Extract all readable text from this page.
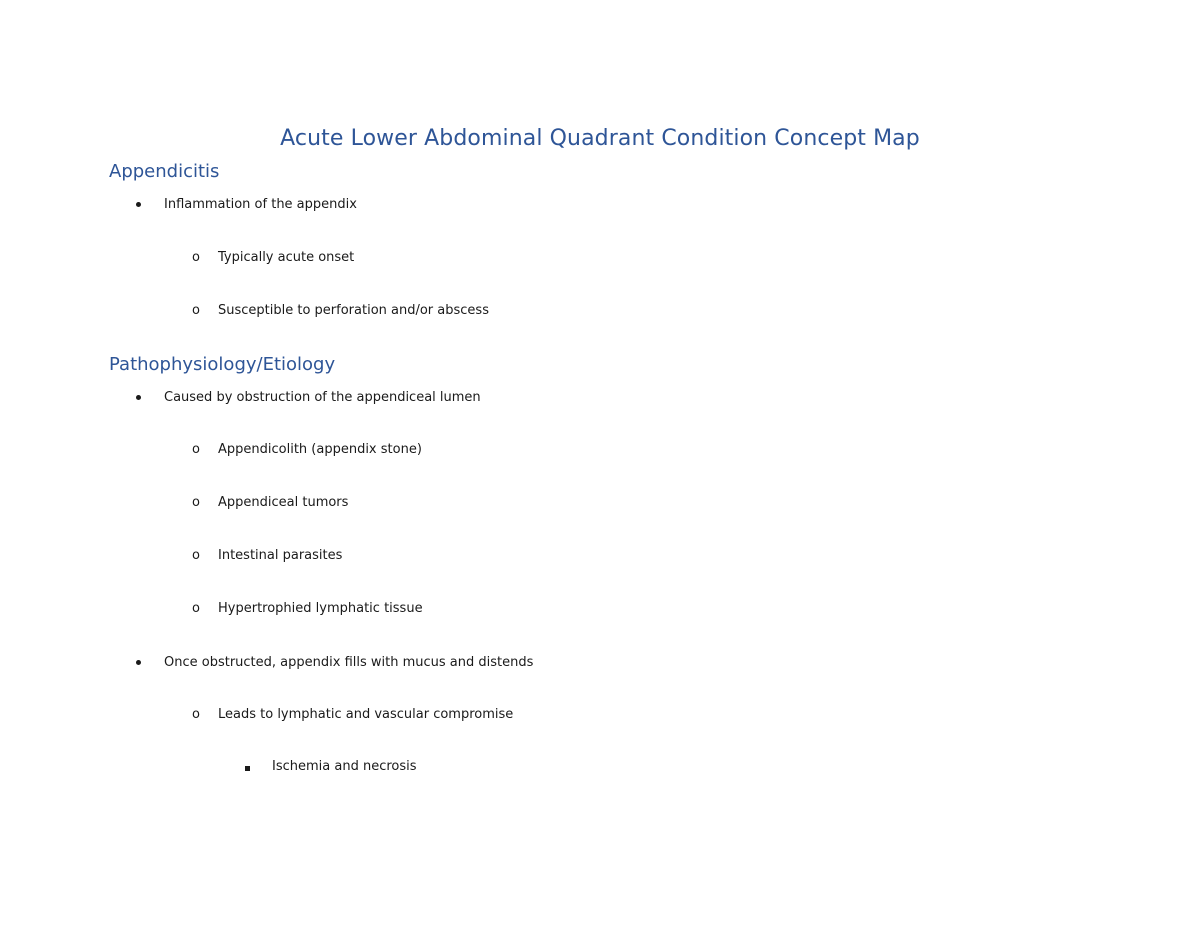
Acute Lower Abdominal Quadrant Condition Concept Map
Appendicitis
Inflammation of the appendix
o Typically acute onset
o Susceptible to perforation and/or abscess
Pathophysiology/Etiology
Caused by obstruction of the appendiceal lumen
o Appendicolith (appendix stone)
o Appendiceal tumors
o Intestinal parasites
o Hypertrophied lymphatic tissue
Once obstructed, appendix fills with mucus and distends
o Leads to lymphatic and vascular compromise
Ischemia and necrosis
